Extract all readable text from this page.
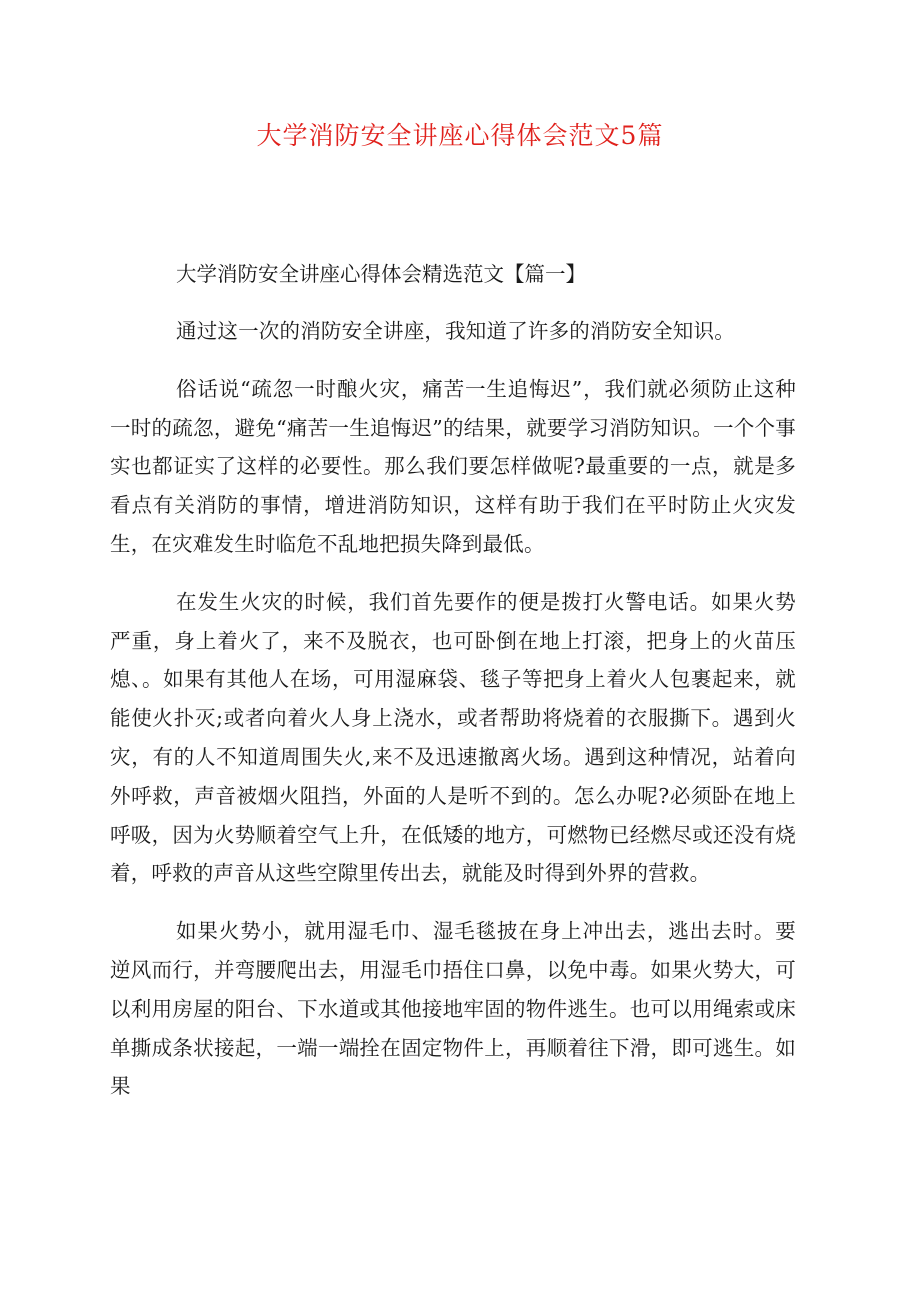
大学消防安全讲座心得体会范文5篇

大学消防安全讲座心得体会精选范文【篇一】

通过这一次的消防安全讲座，我知道了许多的消防安全知识。

俗话说“疏忽一时酿火灾，痛苦一生追悔迟”，我们就必须防止这种一时的疏忽，避免“痛苦一生追悔迟”的结果，就要学习消防知识。一个个事实也都证实了这样的必要性。那么我们要怎样做呢?最重要的一点，就是多看点有关消防的事情，增进消防知识，这样有助于我们在平时防止火灾发生，在灾难发生时临危不乱地把损失降到最低。

在发生火灾的时候，我们首先要作的便是拨打火警电话。如果火势严重，身上着火了，来不及脱衣，也可卧倒在地上打滚，把身上的火苗压熄、。如果有其他人在场，可用湿麻袋、毯子等把身上着火人包裹起来，就能使火扑灭;或者向着火人身上浇水，或者帮助将烧着的衣服撕下。遇到火灾，有的人不知道周围失火,来不及迅速撤离火场。遇到这种情况，站着向外呼救，声音被烟火阻挡，外面的人是听不到的。怎么办呢?必须卧在地上呼吸，因为火势顺着空气上升，在低矮的地方，可燃物已经燃尽或还没有烧着，呼救的声音从这些空隙里传出去，就能及时得到外界的营救。

如果火势小，就用湿毛巾、湿毛毯披在身上冲出去，逃出去时。要逆风而行，并弯腰爬出去，用湿毛巾捂住口鼻，以免中毒。如果火势大，可以利用房屋的阳台、下水道或其他接地牢固的物件逃生。也可以用绳索或床单撕成条状接起，一端一端拴在固定物件上，再顺着往下滑，即可逃生。如果
